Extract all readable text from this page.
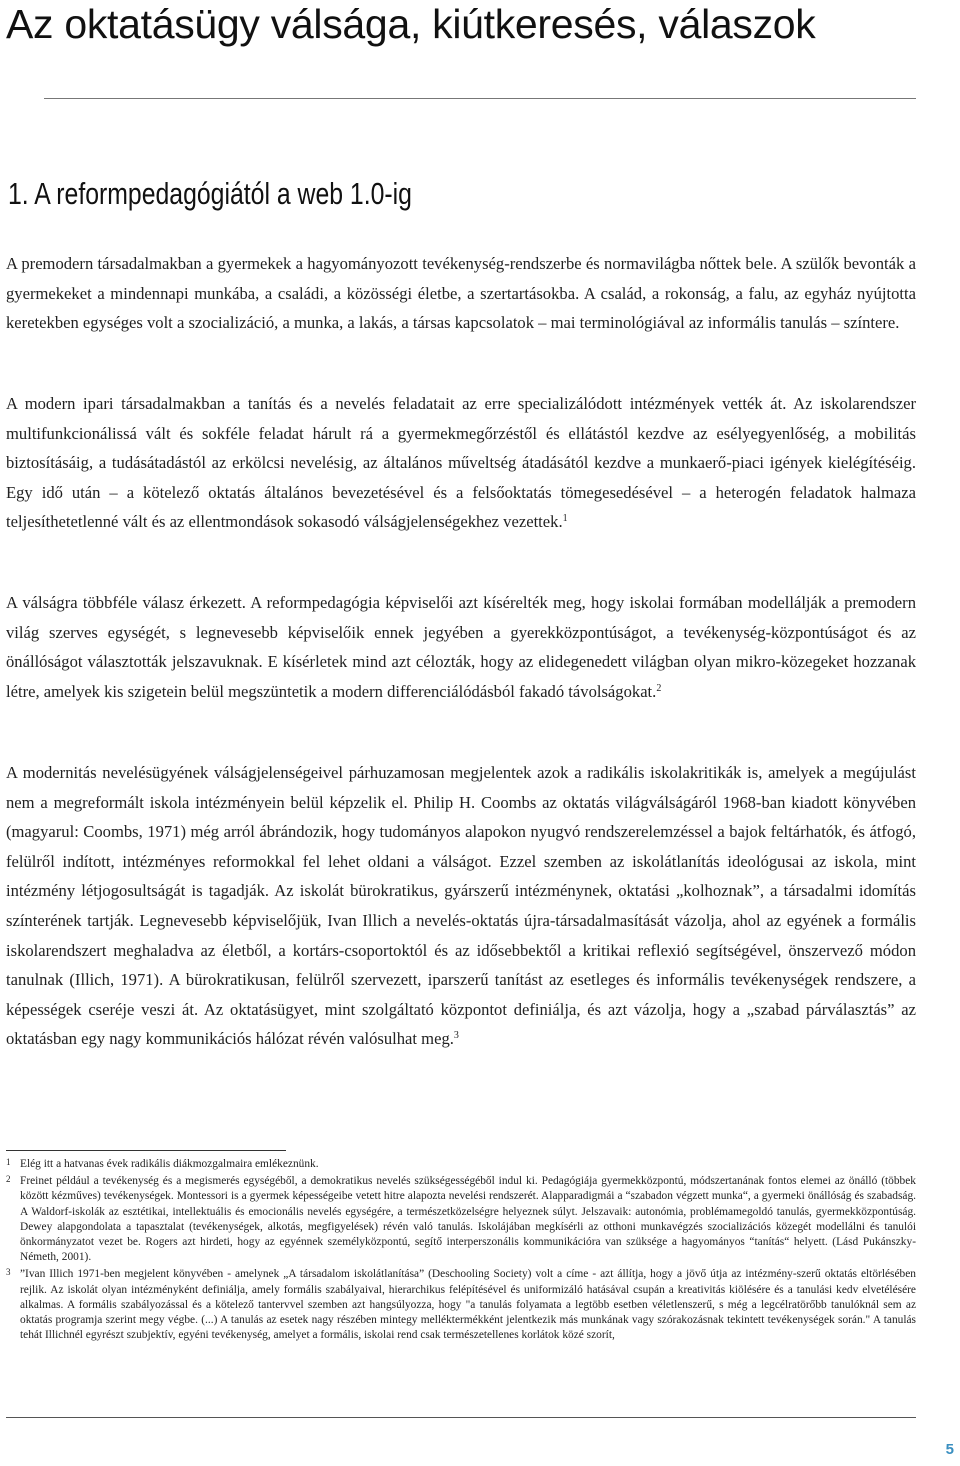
Az oktatásügy válsága, kiútkeresés, válaszok
1. A reformpedagógiától a web 1.0-ig

A premodern társadalmakban a gyermekek a hagyományozott tevékenység-rendszerbe és normavilágba nőttek bele. A szülők bevonták a gyermekeket a mindennapi munkába, a családi, a közösségi életbe, a szertartásokba. A család, a rokonság, a falu, az egyház nyújtotta keretekben egységes volt a szocializáció, a munka, a lakás, a társas kapcsolatok – mai terminológiával az informális tanulás – színtere.

A modern ipari társadalmakban a tanítás és a nevelés feladatait az erre specializálódott intézmények vették át. Az iskolarendszer multifunkcionálissá vált és sokféle feladat hárult rá a gyermekmegőrzéstől és ellátástól kezdve az esélyegyenlőség, a mobilitás biztosításáig, a tudásátadástól az erkölcsi nevelésig, az általános műveltség átadásától kezdve a munkaerő-piaci igények kielégítéséig. Egy idő után – a kötelező oktatás általános bevezetésével és a felsőoktatás tömegesedésével – a heterogén feladatok halmaza teljesíthetetlenné vált és az ellentmondások sokasodó válságjelenségekhez vezettek.$^1$

A válságra többféle válasz érkezett. A reformpedagógia képviselői azt kísérelték meg, hogy iskolai formában modellálják a premodern világ szerves egységét, s legnevesebb képviselőik ennek jegyében a gyerekközpontúságot, a tevékenység-központúságot és az önállóságot választották jelszavuknak. E kísérletek mind azt célozták, hogy az elidegenedett világban olyan mikro-közegeket hozzanak létre, amelyek kis szigetein belül megszüntetik a modern differenciálódásból fakadó távolságokat.$^2$

A modernitás nevelésügyének válságjelenségeivel párhuzamosan megjelentek azok a radikális iskolakritikák is, amelyek a megújulást nem a megreformált iskola intézményein belül képzelik el. Philip H. Coombs az oktatás világválságáról 1968-ban kiadott könyvében (magyarul: Coombs, 1971) még arról ábrándozik, hogy tudományos alapokon nyugvó rendszerelemzéssel a bajok feltárhatók, és átfogó, felülről indított, intézményes reformokkal fel lehet oldani a válságot. Ezzel szemben az iskolátlanítás ideológusai az iskola, mint intézmény létjogosultságát is tagadják. Az iskolát bürokratikus, gyárszerű intézménynek, oktatási „kolhoznak”, a társadalmi idomítás színterének tartják. Legnevesebb képviselőjük, Ivan Illich a nevelés-oktatás újra-társadalmasítását vázolja, ahol az egyének a formális iskolarendszert meghaladva az életből, a kortárs-csoportoktól és az idősebbektől a kritikai reflexió segítségével, önszervező módon tanulnak (Illich, 1971). A bürokratikusan, felülről szervezett, iparszerű tanítást az esetleges és informális tevékenységek rendszere, a képességek cseréje veszi át. Az oktatásügyet, mint szolgáltató központot definiálja, és azt vázolja, hogy a „szabad párválasztás” az oktatásban egy nagy kommunikációs hálózat révén valósulhat meg.$^3$

1 Elég itt a hatvanas évek radikális diákmozgalmaira emlékeznünk.
2 Freinet például a tevékenység és a megismerés egységéből, a demokratikus nevelés szükségességéből indul ki. Pedagógiája gyermekközpontú, módszertanának fontos elemei az önálló (többek között kézműves) tevékenységek. Montessori is a gyermek képességeibe vetett hitre alapozta nevelési rendszerét. Alapparadigmái a “szabadon végzett munka“, a gyermeki önállóság és szabadság. A Waldorf-iskolák az esztétikai, intellektuális és emocionális nevelés egységére, a természetközelségre helyeznek súlyt. Jelszavaik: autonómia, problémamegoldó tanulás, gyermekközpontúság. Dewey alapgondolata a tapasztalat (tevékenységek, alkotás, megfigyelések) révén való tanulás. Iskolájában megkísérli az otthoni munkavégzés szocializációs közegét modellálni és tanulói önkormányzatot vezet be. Rogers azt hirdeti, hogy az egyénnek személyközpontú, segítő interperszonális kommunikációra van szüksége a hagyományos “tanítás“ helyett. (Lásd Pukánszky-Németh, 2001).
3 ”Ivan Illich 1971-ben megjelent könyvében - amelynek „A társadalom iskolátlanítása” (Deschooling Society) volt a címe - azt állítja, hogy a jövő útja az intézmény-szerű oktatás eltörlésében rejlik. Az iskolát olyan intézményként definiálja, amely formális szabályaival, hierarchikus felépítésével és uniformizáló hatásával csupán a kreativitás kiölésére és a tanulási kedv elvetélésére alkalmas. A formális szabályozással és a kötelező tantervvel szemben azt hangsúlyozza, hogy "a tanulás folyamata a legtöbb esetben véletlenszerű, s még a legcélratörőbb tanulóknál sem az oktatás programja szerint megy végbe. (...) A tanulás az esetek nagy részében mintegy melléktermékként jelentkezik más munkának vagy szórakozásnak tekintett tevékenységek során." A tanulás tehát Illichnél egyrészt szubjektív, egyéni tevékenység, amelyet a formális, iskolai rend csak természetellenes korlátok közé szorít,
5
